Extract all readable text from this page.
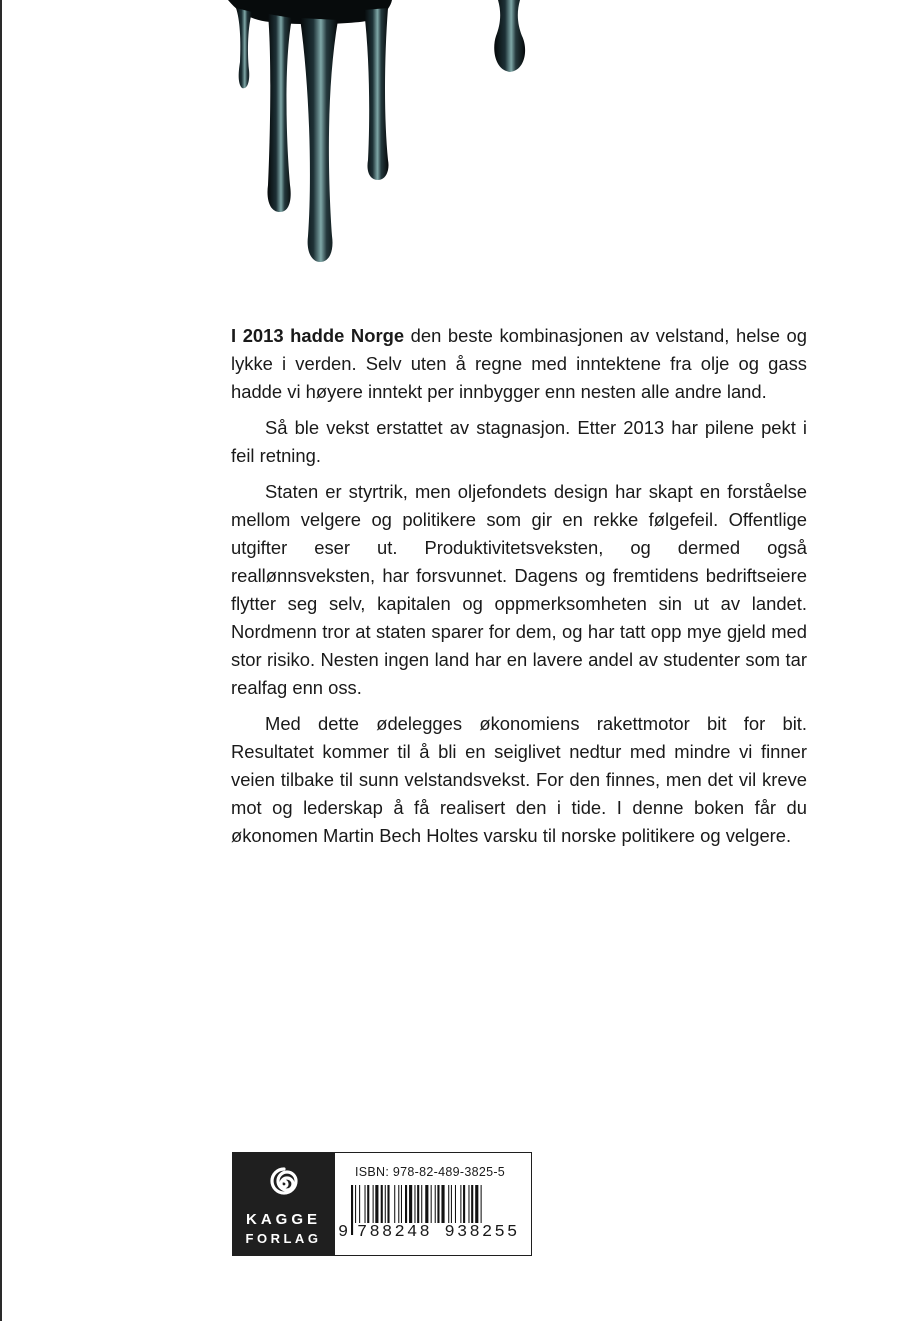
I 2013 hadde Norge den beste kombinasjonen av velstand, helse og lykke i verden. Selv uten å regne med inntektene fra olje og gass hadde vi høyere inntekt per innbygger enn nesten alle andre land.

Så ble vekst erstattet av stagnasjon. Etter 2013 har pilene pekt i feil retning.

Staten er styrtrik, men oljefondets design har skapt en forståelse mellom velgere og politikere som gir en rekke følgefeil. Offentlige utgifter eser ut. Produktivitetsveksten, og dermed også reallønnsveksten, har forsvunnet. Dagens og fremtidens bedriftseiere flytter seg selv, kapitalen og oppmerksomheten sin ut av landet. Nordmenn tror at staten sparer for dem, og har tatt opp mye gjeld med stor risiko. Nesten ingen land har en lavere andel av studenter som tar realfag enn oss.

Med dette ødelegges økonomiens rakettmotor bit for bit. Resultatet kommer til å bli en seiglivet nedtur med mindre vi finner veien tilbake til sunn velstandsvekst. For den finnes, men det vil kreve mot og lederskap å få realisert den i tide. I denne boken får du økonomen Martin Bech Holtes varsku til norske politikere og velgere.

KAGGE
FORLAG
ISBN: 978-82-489-3825-5
9 788248 938255
